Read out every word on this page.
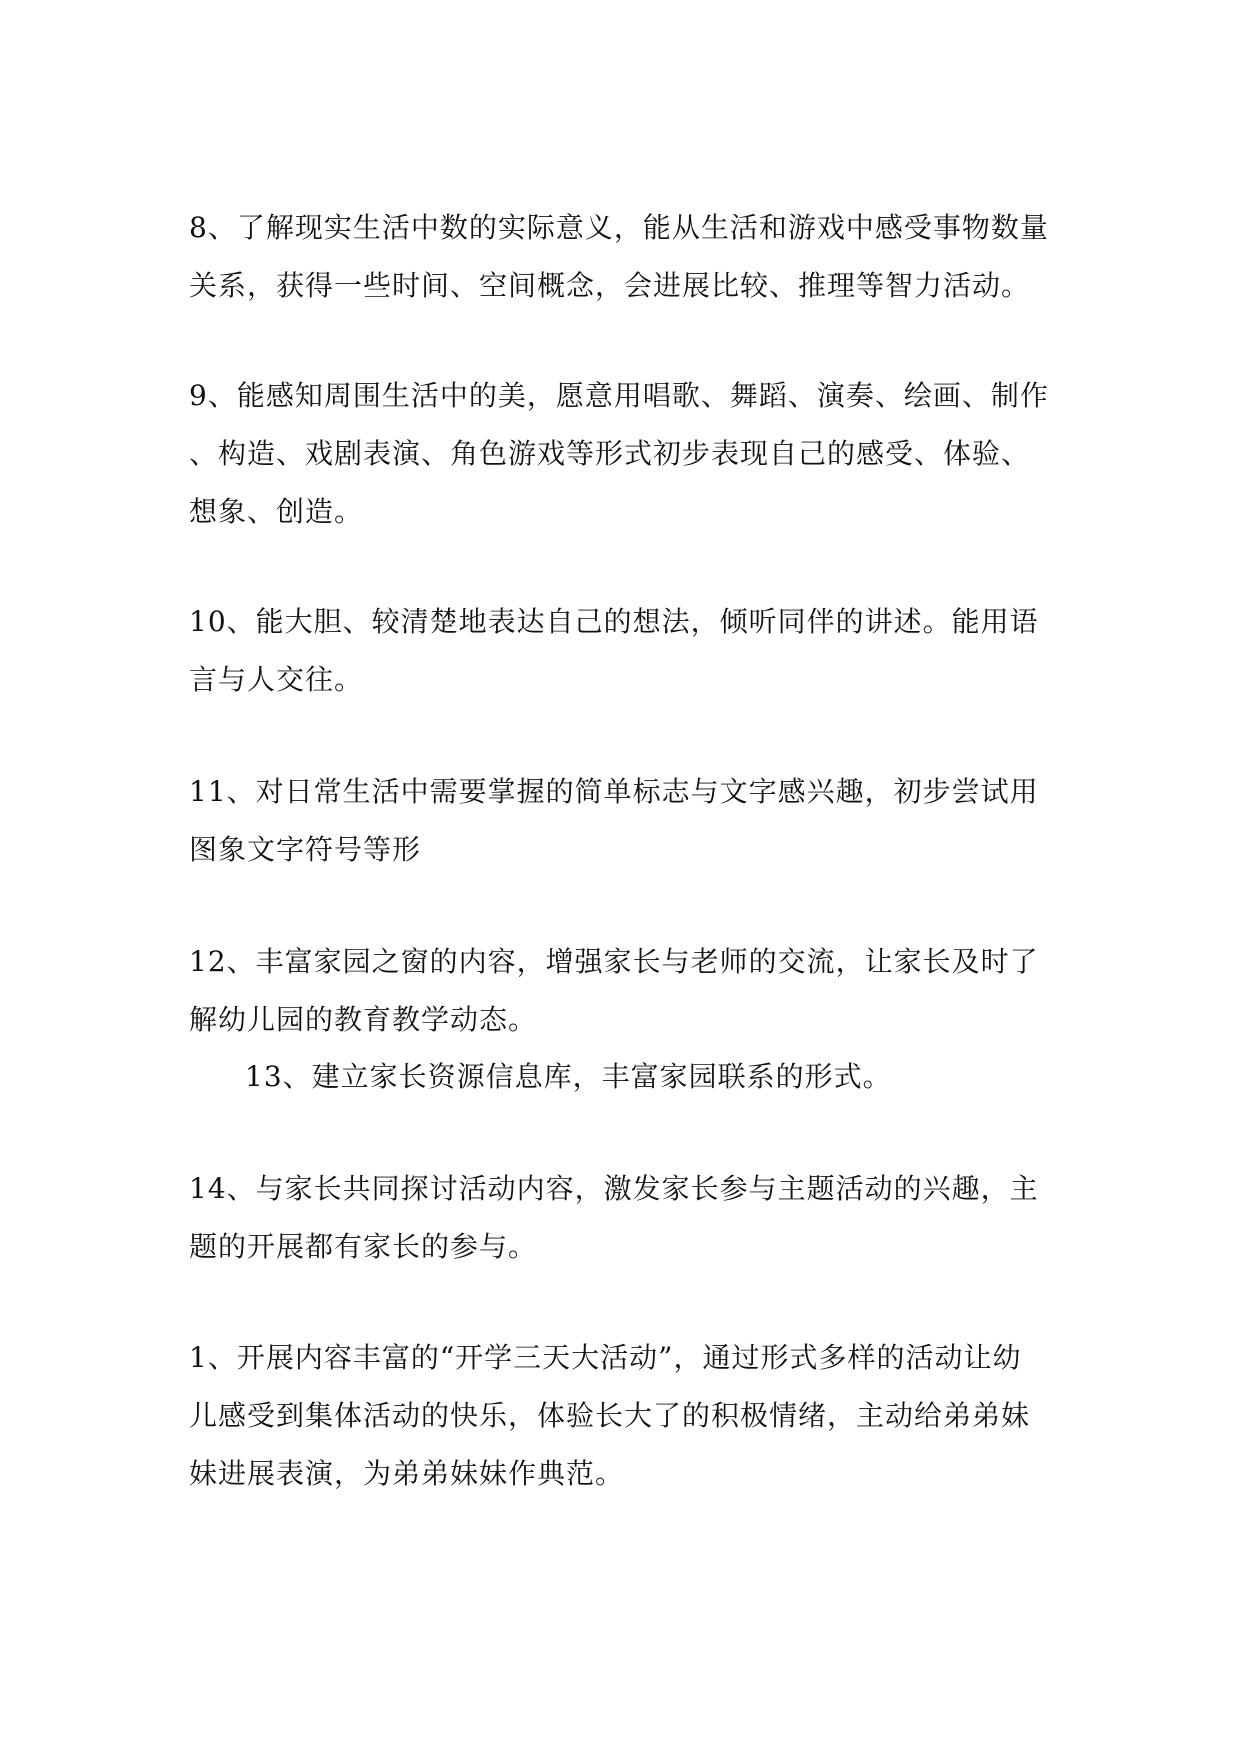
8、了解现实生活中数的实际意义，能从生活和游戏中感受事物数量
关系，获得一些时间、空间概念，会进展比较、推理等智力活动。

9、能感知周围生活中的美，愿意用唱歌、舞蹈、演奏、绘画、制作
、构造、戏剧表演、角色游戏等形式初步表现自己的感受、体验、
想象、创造。

10、能大胆、较清楚地表达自己的想法，倾听同伴的讲述。能用语
言与人交往。

11、对日常生活中需要掌握的简单标志与文字感兴趣，初步尝试用
图象文字符号等形

12、丰富家园之窗的内容，增强家长与老师的交流，让家长及时了
解幼儿园的教育教学动态。

13、建立家长资源信息库，丰富家园联系的形式。

14、与家长共同探讨活动内容，激发家长参与主题活动的兴趣，主
题的开展都有家长的参与。

1、开展内容丰富的“开学三天大活动”，通过形式多样的活动让幼
儿感受到集体活动的快乐，体验长大了的积极情绪，主动给弟弟妹
妹进展表演，为弟弟妹妹作典范。
